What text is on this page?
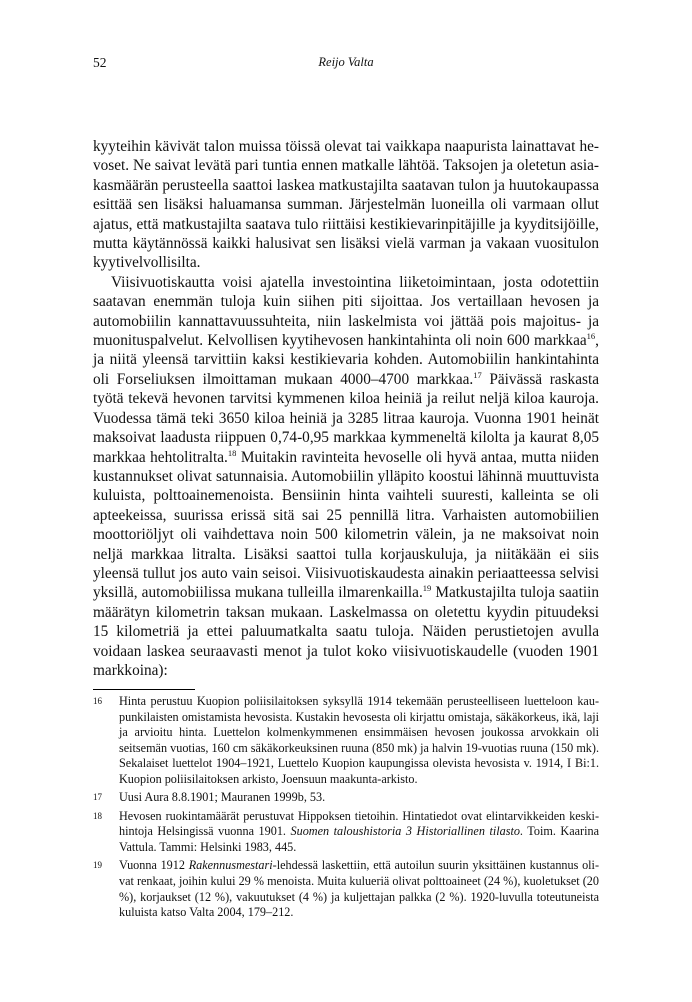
52	Reijo Valta

kyyteihin kävivät talon muissa töissä olevat tai vaikkapa naapurista lainattavat hevoset. Ne saivat levätä pari tuntia ennen matkalle lähtöä. Taksojen ja oletetun asiakasmäärän perusteella saattoi laskea matkustajilta saatavan tulon ja huutokaupassa esittää sen lisäksi haluamansa summan. Järjestelmän luoneilla oli varmaan ollut ajatus, että matkustajilta saatava tulo riittäisi kestikievarinpitäjille ja kyyditsijöille, mutta käytännössä kaikki halusivat sen lisäksi vielä varman ja vakaan vuositulon kyytivelvollisilta.

Viisivuotiskautta voisi ajatella investointina liiketoimintaan, josta odotettiin saatavan enemmän tuloja kuin siihen piti sijoittaa. Jos vertaillaan hevosen ja automobiilin kannattavuussuhteita, niin laskelmista voi jättää pois majoitus- ja muonituspalvelut. Kelvollisen kyytihevosen hankintahinta oli noin 600 markkaa$^{16}$, ja niitä yleensä tarvittiin kaksi kestikievaria kohden. Automobiilin hankintahinta oli Forseliuksen ilmoittaman mukaan 4000–4700 markkaa.$^{17}$ Päivässä raskasta työtä tekevä hevonen tarvitsi kymmenen kiloa heiniä ja reilut neljä kiloa kauroja. Vuodessa tämä teki 3650 kiloa heiniä ja 3285 litraa kauroja. Vuonna 1901 heinät maksoivat laadusta riippuen 0,74-0,95 markkaa kymmeneltä kilolta ja kaurat 8,05 markkaa hehtolitralta.$^{18}$ Muitakin ravinteita hevoselle oli hyvä antaa, mutta niiden kustannukset olivat satunnaisia. Automobiilin ylläpito koostui lähinnä muuttuvista kuluista, polttoainemenoista. Bensiinin hinta vaihteli suuresti, kalleinta se oli apteekeissa, suurissa erissä sitä sai 25 pennillä litra. Varhaisten automobiilien moottoriöljyt oli vaihdettava noin 500 kilometrin välein, ja ne maksoivat noin neljä markkaa litralta. Lisäksi saattoi tulla korjauskuluja, ja niitäkään ei siis yleensä tullut jos auto vain seisoi. Viisivuotiskaudesta ainakin periaatteessa selvisi yksillä, automobiilissa mukana tulleilla ilmarenkailla.$^{19}$ Matkustajilta tuloja saatiin määrätyn kilometrin taksan mukaan. Laskelmassa on oletettu kyydin pituudeksi 15 kilometriä ja ettei paluumatkalta saatu tuloja. Näiden perustietojen avulla voidaan laskea seuraavasti menot ja tulot koko viisivuotiskaudelle (vuoden 1901 markkoina):

16 Hinta perustuu Kuopion poliisilaitoksen syksyllä 1914 tekemään perusteelliseen luetteloon kaupunkilaisten omistamista hevosista. Kustakin hevosesta oli kirjattu omistaja, säkäkorkeus, ikä, laji ja arvioitu hinta. Luettelon kolmenkymmenen ensimmäisen hevosen joukossa arvokkain oli seitsemän vuotias, 160 cm säkäkorkeuksinen ruuna (850 mk) ja halvin 19-vuotias ruuna (150 mk). Sekalaiset luettelot 1904–1921, Luettelo Kuopion kaupungissa olevista hevosista v. 1914, I Bi:1. Kuopion poliisilaitoksen arkisto, Joensuun maakunta-arkisto.
17 Uusi Aura 8.8.1901; Mauranen 1999b, 53.
18 Hevosen ruokintamäärät perustuvat Hippoksen tietoihin. Hintatiedot ovat elintarvikkeiden keskihintoja Helsingissä vuonna 1901. Suomen taloushistoria 3 Historiallinen tilasto. Toim. Kaarina Vattula. Tammi: Helsinki 1983, 445.
19 Vuonna 1912 Rakennusmestari-lehdessä laskettiin, että autoilun suurin yksittäinen kustannus olivat renkaat, joihin kului 29 % menoista. Muita kulueriä olivat polttoaineet (24 %), kuoletukset (20 %), korjaukset (12 %), vakuutukset (4 %) ja kuljettajan palkka (2 %). 1920-luvulla toteutuneista kuluista katso Valta 2004, 179–212.
